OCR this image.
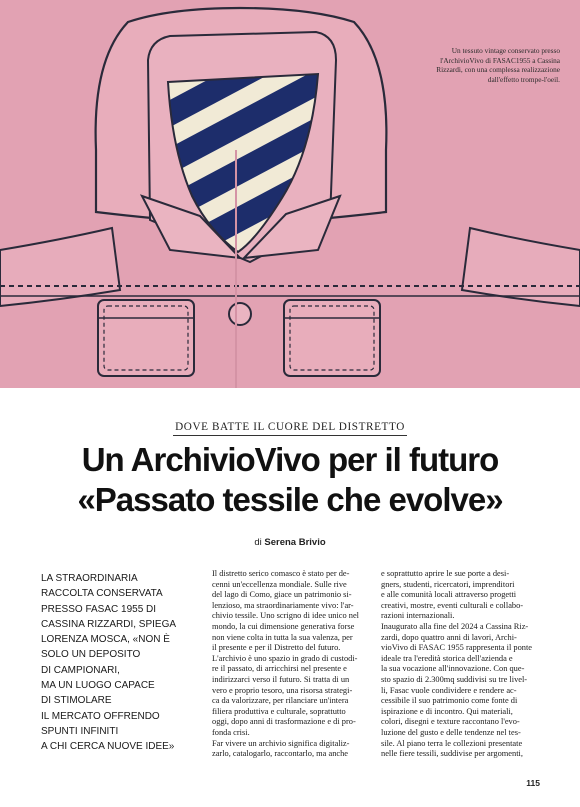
Un tessuto vintage conservato presso
l'ArchivioVivo di FASAC1955 a Cassina
Rizzardi, con una complessa realizzazione
dall'effetto trompe-l'oeil.
DOVE BATTE IL CUORE DEL DISTRETTO
Un ArchivioVivo per il futuro
«Passato tessile che evolve»
di Serena Brivio
LA STRAORDINARIA
RACCOLTA CONSERVATA
PRESSO FASAC 1955 DI
CASSINA RIZZARDI, SPIEGA
LORENZA MOSCA, «NON È
SOLO UN DEPOSITO
DI CAMPIONARI,
MA UN LUOGO CAPACE
DI STIMOLARE
IL MERCATO OFFRENDO
SPUNTI INFINITI
A CHI CERCA NUOVE IDEE»
Il distretto serico comasco è stato per de-
cenni un'eccellenza mondiale. Sulle rive
del lago di Como, giace un patrimonio si-
lenzioso, ma straordinariamente vivo: l'ar-
chivio tessile. Uno scrigno di idee unico nel
mondo, la cui dimensione generativa forse
non viene colta in tutta la sua valenza, per
il presente e per il Distretto del futuro.
L'archivio è uno spazio in grado di custodi-
re il passato, di arricchirsi nel presente e
indirizzarci verso il futuro. Si tratta di un
vero e proprio tesoro, una risorsa strategi-
ca da valorizzare, per rilanciare un'intera
filiera produttiva e culturale, soprattutto
oggi, dopo anni di trasformazione e di pro-
fonda crisi.
Far vivere un archivio significa digitaliz-
zarlo, catalogarlo, raccontarlo, ma anche
e soprattutto aprire le sue porte a desi-
gners, studenti, ricercatori, imprenditori
e alle comunità locali attraverso progetti
creativi, mostre, eventi culturali e collabo-
razioni internazionali.
Inaugurato alla fine del 2024 a Cassina Riz-
zardi, dopo quattro anni di lavori, Archi-
vioVivo di FASAC 1955 rappresenta il ponte
ideale tra l'eredità storica dell'azienda e
la sua vocazione all'innovazione. Con que-
sto spazio di 2.300mq suddivisi su tre livel-
li, Fasac vuole condividere e rendere ac-
cessibile il suo patrimonio come fonte di
ispirazione e di incontro. Qui materiali,
colori, disegni e texture raccontano l'evo-
luzione del gusto e delle tendenze nel tes-
sile. Al piano terra le collezioni presentate
nelle fiere tessili, suddivise per argomenti,
115
